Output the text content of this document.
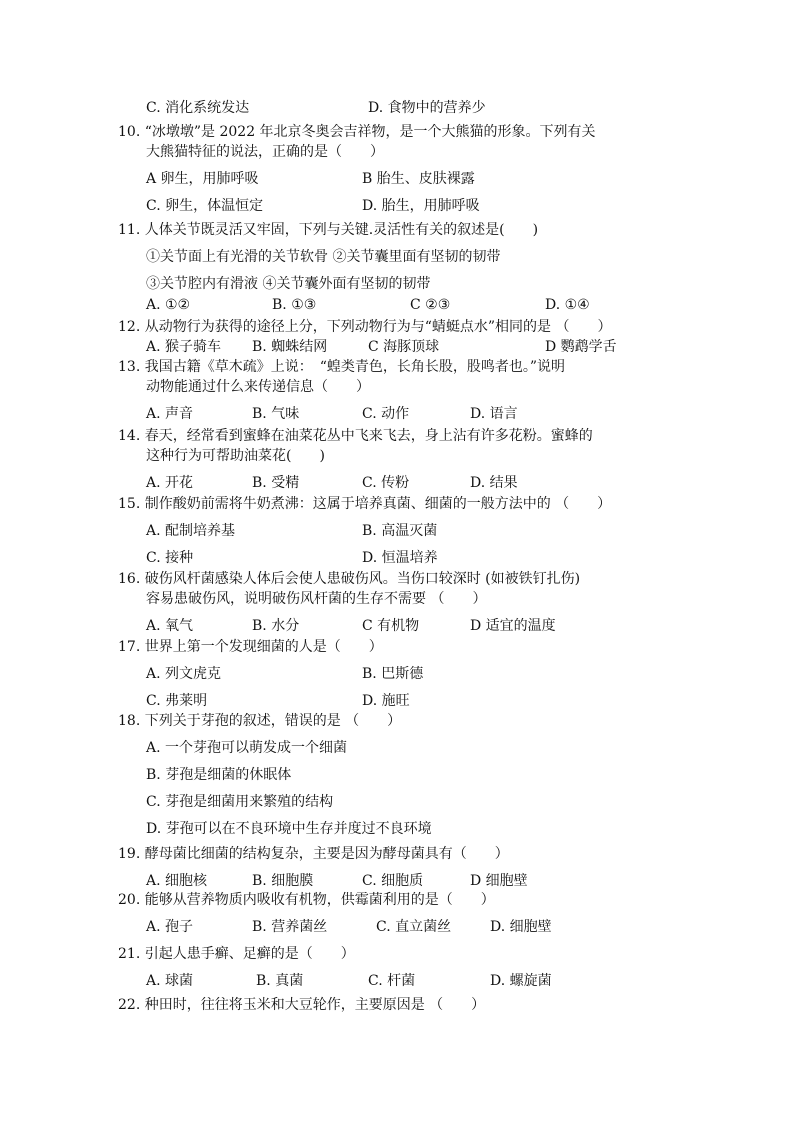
C. 消化系统发达	D. 食物中的营养少
10. “冰墩墩”是 2022 年北京冬奥会吉祥物，是一个大熊猫的形象。下列有关
大熊猫特征的说法，正确的是（　　）
A 卵生，用肺呼吸	B 胎生、皮肤裸露
C. 卵生，体温恒定	D. 胎生，用肺呼吸
11. 人体关节既灵活又牢固，下列与关键.灵活性有关的叙述是(　　)
①关节面上有光滑的关节软骨 ②关节囊里面有坚韧的韧带
③关节腔内有滑液 ④关节囊外面有坚韧的韧带
A. ①②	B. ①③	C ②③	D. ①④
12. 从动物行为获得的途径上分，下列动物行为与“蜻蜓点水”相同的是 （　　）
A. 猴子骑车 B. 蜘蛛结网	C 海豚顶球	D 鹦鹉学舌
13. 我国古籍《草木疏》上说：　“蝗类青色，长角长股，股鸣者也。”说明
动物能通过什么来传递信息（　　）
A. 声音	B. 气味	C. 动作	D. 语言
14. 春天，经常看到蜜蜂在油菜花丛中飞来飞去，身上沾有许多花粉。蜜蜂的
这种行为可帮助油菜花(　　)
A. 开花	B. 受精	C. 传粉	D. 结果
15. 制作酸奶前需将牛奶煮沸：这属于培养真菌、细菌的一般方法中的 （　　）
A. 配制培养基	B. 高温灭菌
C. 接种	D. 恒温培养
16. 破伤风杆菌感染人体后会使人患破伤风。当伤口较深时 (如被铁钉扎伤)
容易患破伤风，说明破伤风杆菌的生存不需要 （　　）
A. 氧气	B. 水分	C 有机物	D 适宜的温度
17. 世界上第一个发现细菌的人是（　　）
A. 列文虎克	B. 巴斯德
C. 弗莱明	D. 施旺
18. 下列关于芽孢的叙述，错误的是 （　　）
A. 一个芽孢可以萌发成一个细菌
B. 芽孢是细菌的休眠体
C. 芽孢是细菌用来繁殖的结构
D. 芽孢可以在不良环境中生存并度过不良环境
19. 酵母菌比细菌的结构复杂，主要是因为酵母菌具有（　　）
A. 细胞核	B. 细胞膜	C. 细胞质	D 细胞壁
20. 能够从营养物质内吸收有机物，供霉菌利用的是（　　）
A. 孢子	B. 营养菌丝	C. 直立菌丝	D. 细胞壁
21. 引起人患手癣、足癣的是（　　）
A. 球菌	B. 真菌	C. 杆菌	D. 螺旋菌
22. 种田时，往往将玉米和大豆轮作，主要原因是 （　　）
